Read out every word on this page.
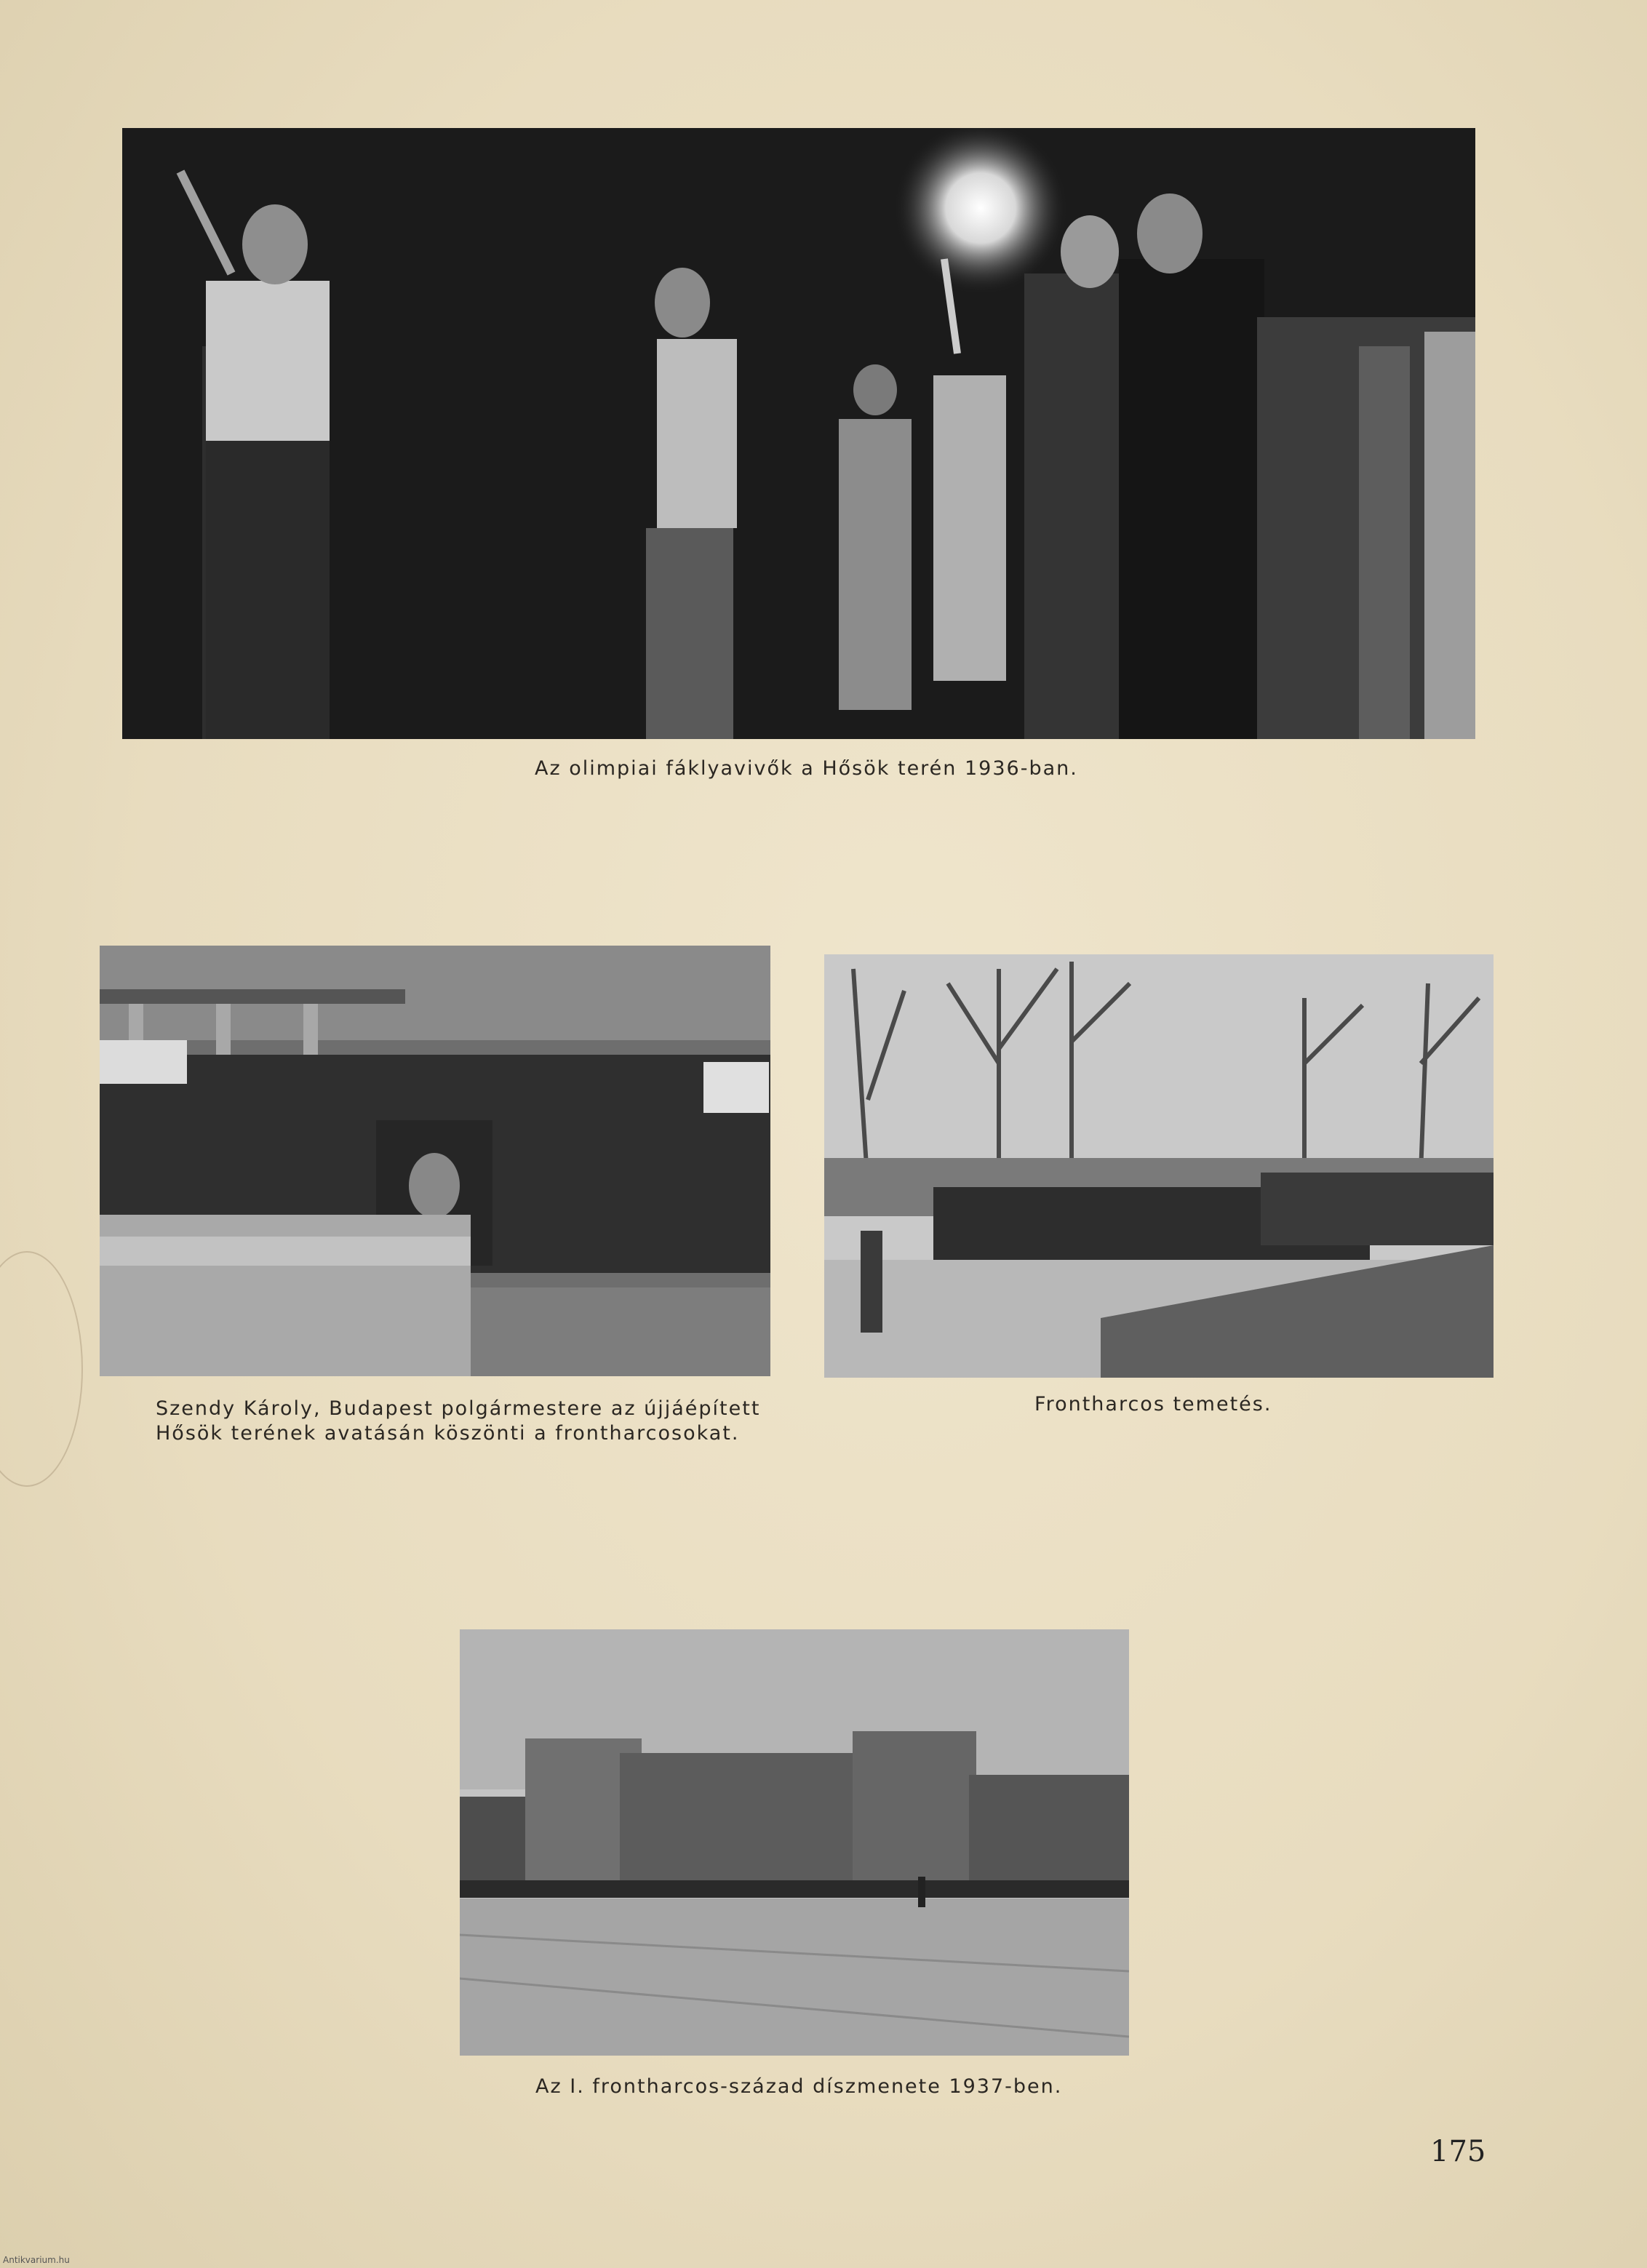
Az olimpiai fáklyavivők a Hősök terén 1936-ban.
Szendy Károly, Budapest polgármestere az újjáépített
Hősök terének avatásán köszönti a frontharcosokat.
Frontharcos temetés.
Az I. frontharcos-század díszmenete 1937-ben.
175
Antikvarium.hu
